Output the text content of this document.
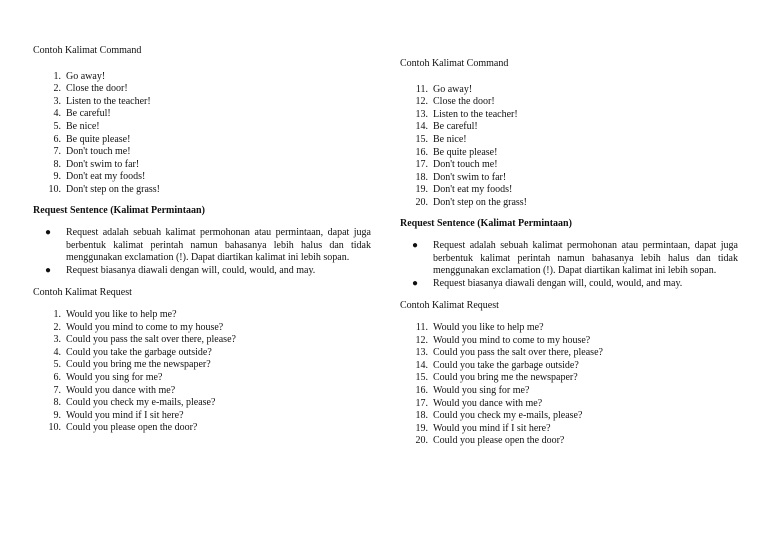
Contoh Kalimat Command

1. Go away!
2. Close the door!
3. Listen to the teacher!
4. Be careful!
5. Be nice!
6. Be quite please!
7. Don't touch me!
8. Don't swim to far!
9. Don't eat my foods!
10. Don't step on the grass!

Request Sentence (Kalimat Permintaan)

● Request adalah sebuah kalimat permohonan atau permintaan, dapat juga berbentuk kalimat perintah namun bahasanya lebih halus dan tidak menggunakan exclamation (!). Dapat diartikan kalimat ini lebih sopan.
● Request biasanya diawali dengan will, could, would, and may.

Contoh Kalimat Request

1. Would you like to help me?
2. Would you mind to come to my house?
3. Could you pass the salt over there, please?
4. Could you take the garbage outside?
5. Could you bring me the newspaper?
6. Would you sing for me?
7. Would you dance with me?
8. Could you check my e-mails, please?
9. Would you mind if I sit here?
10. Could you please open the door?

Contoh Kalimat Command

11. Go away!
12. Close the door!
13. Listen to the teacher!
14. Be careful!
15. Be nice!
16. Be quite please!
17. Don't touch me!
18. Don't swim to far!
19. Don't eat my foods!
20. Don't step on the grass!

Request Sentence (Kalimat Permintaan)

● Request adalah sebuah kalimat permohonan atau permintaan, dapat juga berbentuk kalimat perintah namun bahasanya lebih halus dan tidak menggunakan exclamation (!). Dapat diartikan kalimat ini lebih sopan.
● Request biasanya diawali dengan will, could, would, and may.

Contoh Kalimat Request

11. Would you like to help me?
12. Would you mind to come to my house?
13. Could you pass the salt over there, please?
14. Could you take the garbage outside?
15. Could you bring me the newspaper?
16. Would you sing for me?
17. Would you dance with me?
18. Could you check my e-mails, please?
19. Would you mind if I sit here?
20. Could you please open the door?
